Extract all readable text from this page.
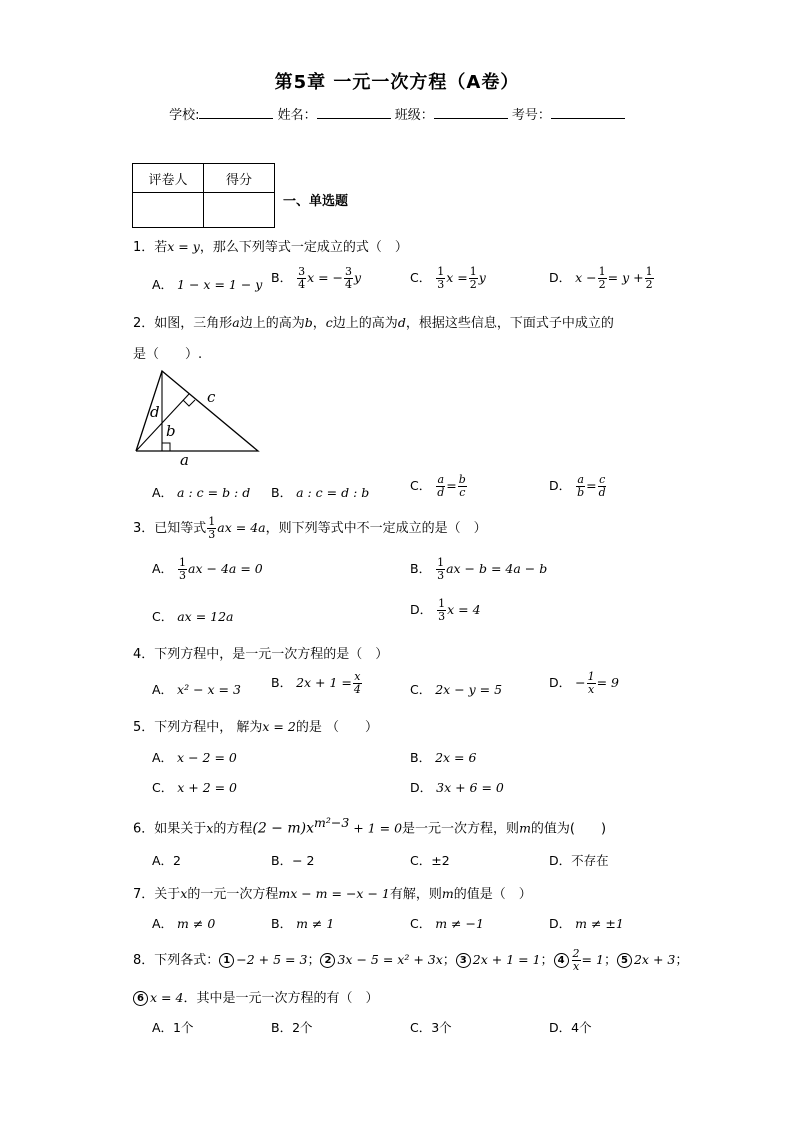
第5章 一元一次方程（A卷）
学校:	姓名：	班级：	考号：
评卷人	得分

一、单选题
1．若x = y，那么下列等式一定成立的式（　）
A． 1 − x = 1 − y B． $\frac{3}{4}$ x = − $\frac{3}{4}$ y	C． $\frac{1}{3}$ $x = \frac{1}{2}$ y	D． $x - \frac{1}{2} = y + \frac{1}{2}$
2．如图，三角形a边上的高为b，c边上的高为d，根据这些信息，下面式子中成立的
是（　　）.
d
b
c
a
A． a : c = b : d B． a : c = d : b	C． $\frac{a}{d} = \frac{b}{c}$	D． $\frac{a}{b} = \frac{c}{d}$
3．已知等式 $\frac{1}{3}$ ax = 4a，则下列等式中不一定成立的是（　）
A． $\frac{1}{3}$ ax − 4a = 0	B． $\frac{1}{3}$ ax − b = 4a − b
C． ax = 12a	D． $\frac{1}{3}$ x = 4
4．下列方程中，是一元一次方程的是（　）
A． x² − x = 3 B． $2x + 1 = \frac{x}{4}$	C． 2x − y = 5	D． − $\frac{1}{x} = 9$
5．下列方程中， 解为x = 2的是 （　　）
A． x − 2 = 0	B． 2x = 6
C． x + 2 = 0	D． 3x + 6 = 0
6．如果关于x的方程$(2 - m)x^{m^2-3} + 1 = 0$是一元一次方程，则m的值为(　　)
A．2	B．− 2	C．±2	D．不存在
7．关于x的一元一次方程mx − m = −x − 1有解，则m的值是（　）
A． m ≠ 0	B． m ≠ 1	C． m ≠ −1	D． m ≠ ±1
8．下列各式： 1 −2 + 5 = 3； 2 3x − 5 = x² + 3x； 3 2x + 1 = 1； $4 \frac{2}{x} = 1$； 5 2x + 3；
6 x = 4．其中是一元一次方程的有（　）
A．1个	B．2个	C．3个	D．4个
